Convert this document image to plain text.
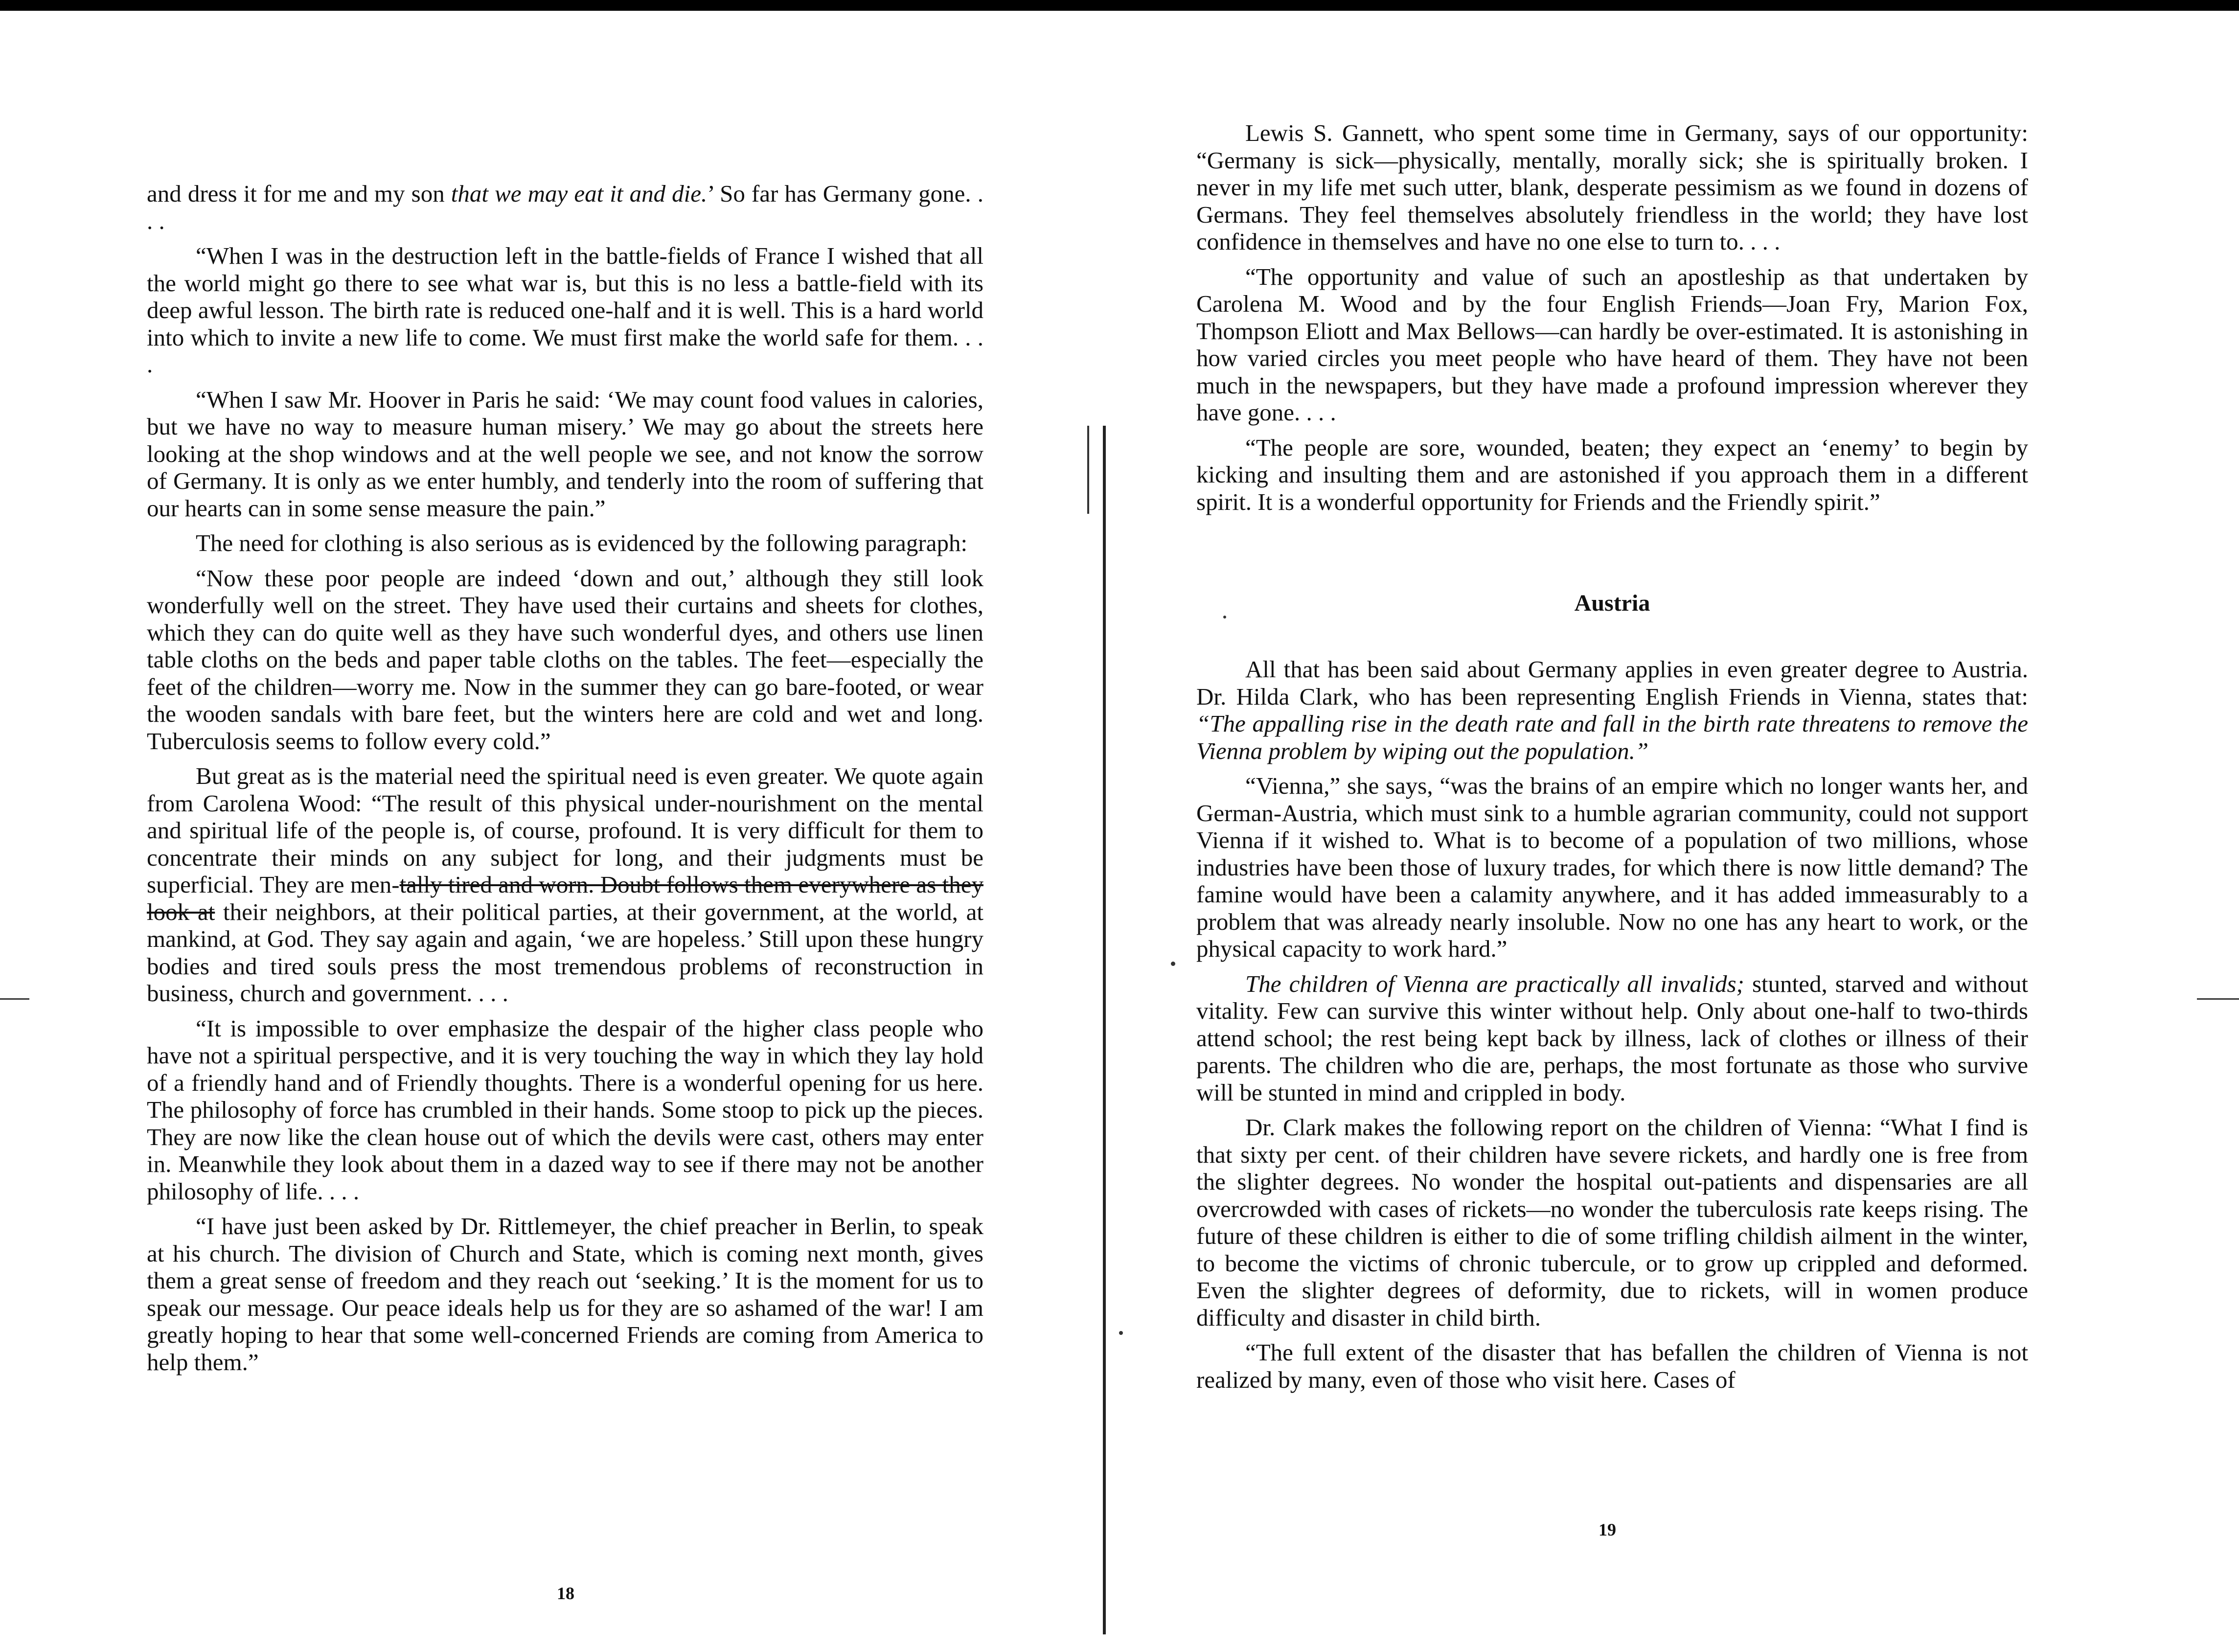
and dress it for me and my son that we may eat it and die.’ So far has Germany gone. . . .

“When I was in the destruction left in the battle-fields of France I wished that all the world might go there to see what war is, but this is no less a battle-field with its deep awful lesson. The birth rate is reduced one-half and it is well. This is a hard world into which to invite a new life to come. We must first make the world safe for them. . . .

“When I saw Mr. Hoover in Paris he said: ‘We may count food values in calories, but we have no way to measure human misery.’ We may go about the streets here looking at the shop windows and at the well people we see, and not know the sorrow of Germany. It is only as we enter humbly, and tenderly into the room of suffering that our hearts can in some sense measure the pain.”

The need for clothing is also serious as is evidenced by the following paragraph:

“Now these poor people are indeed ‘down and out,’ although they still look wonderfully well on the street. They have used their curtains and sheets for clothes, which they can do quite well as they have such wonderful dyes, and others use linen table cloths on the beds and paper table cloths on the tables. The feet—especially the feet of the children—worry me. Now in the summer they can go bare-footed, or wear the wooden sandals with bare feet, but the winters here are cold and wet and long. Tuberculosis seems to follow every cold.”

But great as is the material need the spiritual need is even greater. We quote again from Carolena Wood: “The result of this physical under-nourishment on the mental and spiritual life of the people is, of course, profound. It is very difficult for them to concentrate their minds on any subject for long, and their judgments must be superficial. They are men-tally tired and worn. Doubt follows them everywhere as they look at their neighbors, at their political parties, at their government, at the world, at mankind, at God. They say again and again, ‘we are hopeless.’ Still upon these hungry bodies and tired souls press the most tremendous problems of reconstruction in business, church and government. . . .

“It is impossible to over emphasize the despair of the higher class people who have not a spiritual perspective, and it is very touching the way in which they lay hold of a friendly hand and of Friendly thoughts. There is a wonderful opening for us here. The philosophy of force has crumbled in their hands. Some stoop to pick up the pieces. They are now like the clean house out of which the devils were cast, others may enter in. Meanwhile they look about them in a dazed way to see if there may not be another philosophy of life. . . .

“I have just been asked by Dr. Rittlemeyer, the chief preacher in Berlin, to speak at his church. The division of Church and State, which is coming next month, gives them a great sense of freedom and they reach out ‘seeking.’ It is the moment for us to speak our message. Our peace ideals help us for they are so ashamed of the war! I am greatly hoping to hear that some well-concerned Friends are coming from America to help them.”

18

Lewis S. Gannett, who spent some time in Germany, says of our opportunity: “Germany is sick—physically, mentally, morally sick; she is spiritually broken. I never in my life met such utter, blank, desperate pessimism as we found in dozens of Germans. They feel themselves absolutely friendless in the world; they have lost confidence in themselves and have no one else to turn to. . . .

“The opportunity and value of such an apostleship as that undertaken by Carolena M. Wood and by the four English Friends—Joan Fry, Marion Fox, Thompson Eliott and Max Bellows—can hardly be over-estimated. It is astonishing in how varied circles you meet people who have heard of them. They have not been much in the newspapers, but they have made a profound impression wherever they have gone. . . .

“The people are sore, wounded, beaten; they expect an ‘enemy’ to begin by kicking and insulting them and are astonished if you approach them in a different spirit. It is a wonderful opportunity for Friends and the Friendly spirit.”

Austria

All that has been said about Germany applies in even greater degree to Austria. Dr. Hilda Clark, who has been representing English Friends in Vienna, states that: “The appalling rise in the death rate and fall in the birth rate threatens to remove the Vienna problem by wiping out the population.”

“Vienna,” she says, “was the brains of an empire which no longer wants her, and German-Austria, which must sink to a humble agrarian community, could not support Vienna if it wished to. What is to become of a population of two millions, whose industries have been those of luxury trades, for which there is now little demand? The famine would have been a calamity anywhere, and it has added immeasurably to a problem that was already nearly insoluble. Now no one has any heart to work, or the physical capacity to work hard.”

The children of Vienna are practically all invalids; stunted, starved and without vitality. Few can survive this winter without help. Only about one-half to two-thirds attend school; the rest being kept back by illness, lack of clothes or illness of their parents. The children who die are, perhaps, the most fortunate as those who survive will be stunted in mind and crippled in body.

Dr. Clark makes the following report on the children of Vienna: “What I find is that sixty per cent. of their children have severe rickets, and hardly one is free from the slighter degrees. No wonder the hospital out-patients and dispensaries are all overcrowded with cases of rickets—no wonder the tuberculosis rate keeps rising. The future of these children is either to die of some trifling childish ailment in the winter, to become the victims of chronic tubercule, or to grow up crippled and deformed. Even the slighter degrees of deformity, due to rickets, will in women produce difficulty and disaster in child birth.

“The full extent of the disaster that has befallen the children of Vienna is not realized by many, even of those who visit here. Cases of

19
